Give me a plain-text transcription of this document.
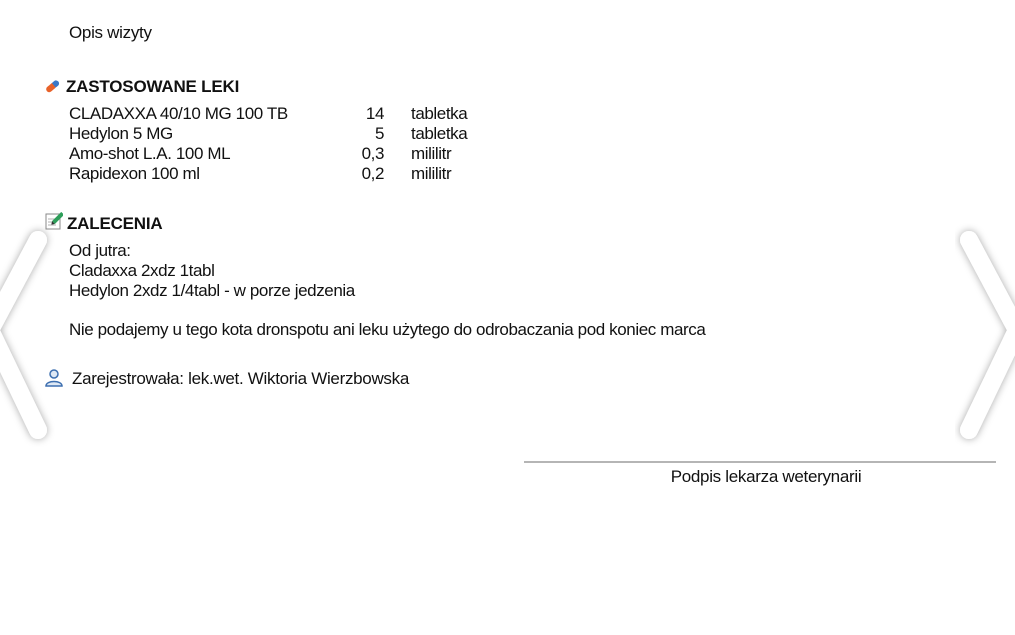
Opis wizyty
ZASTOSOWANE LEKI
CLADAXXA 40/10 MG 100 TB	14 tabletka
Hedylon 5 MG	5 tabletka
Amo-shot L.A. 100 ML	0,3 mililitr
Rapidexon 100 ml	0,2 mililitr
ZALECENIA
Od jutra:
Cladaxxa 2xdz 1tabl
Hedylon 2xdz 1/4tabl - w porze jedzenia
Nie podajemy u tego kota dronspotu ani leku użytego do odrobaczania pod koniec marca
Zarejestrowała: lek.wet. Wiktoria Wierzbowska
Podpis lekarza weterynarii
